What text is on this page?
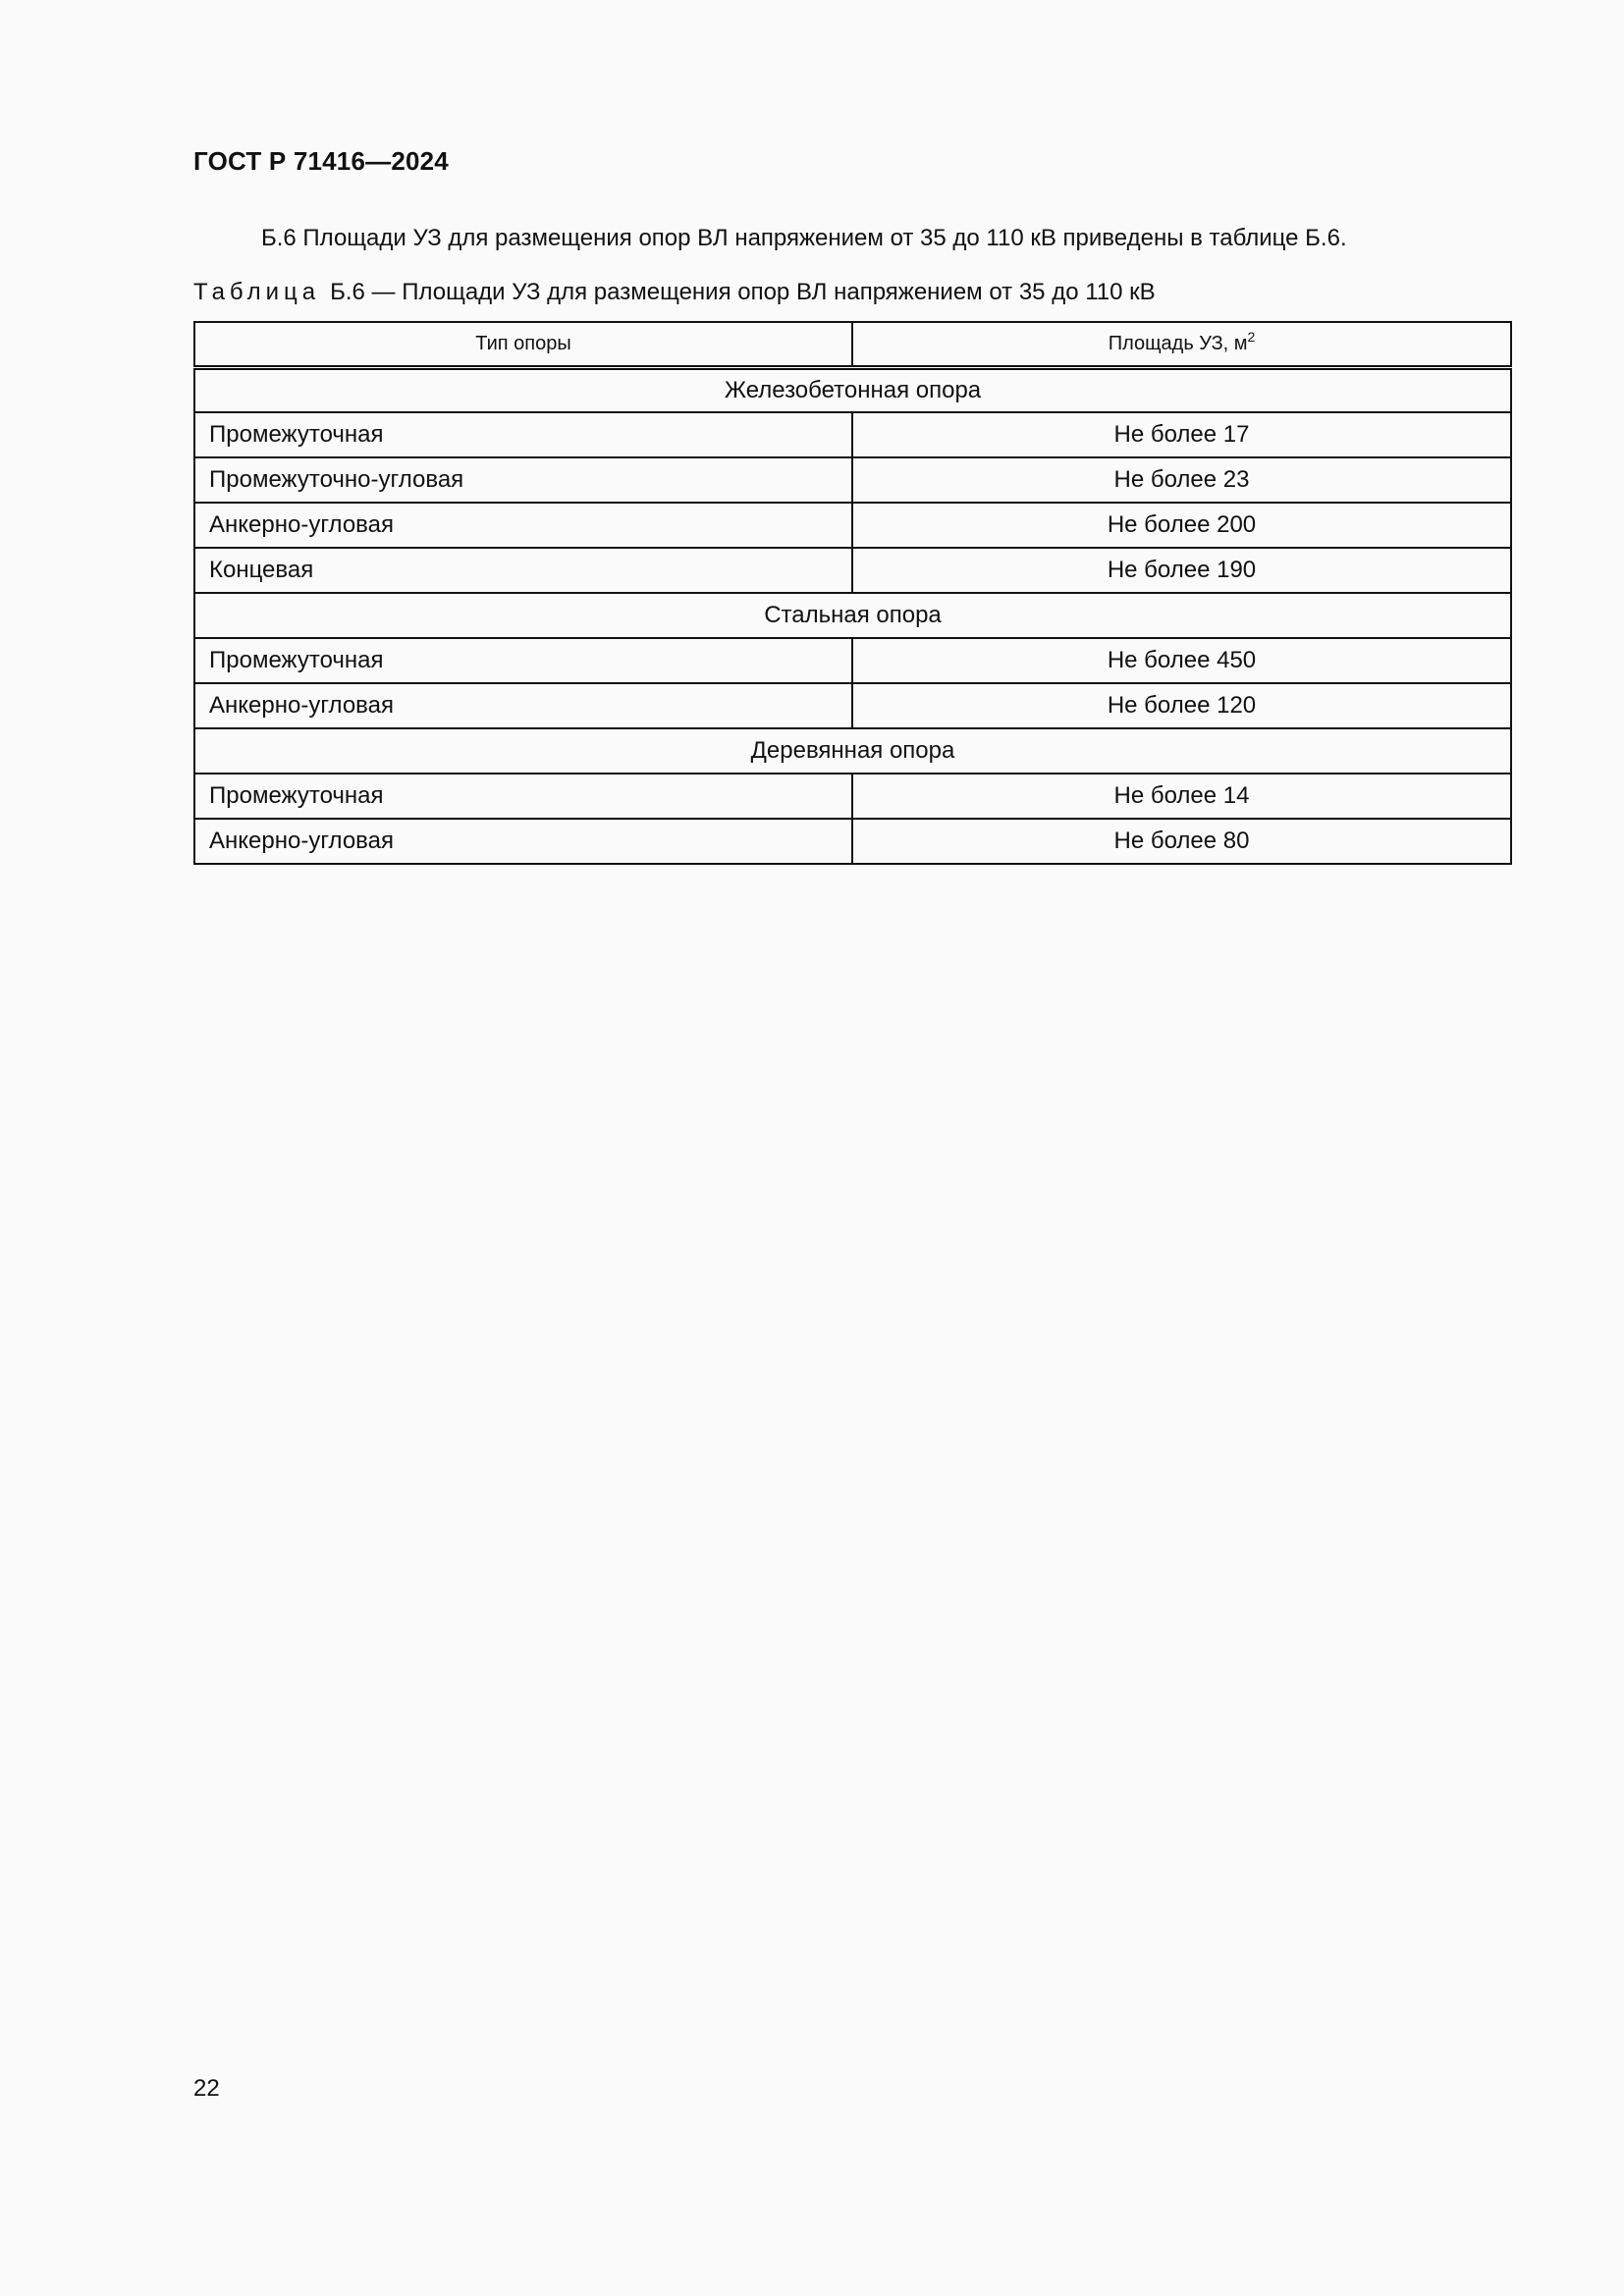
ГОСТ Р 71416—2024
Б.6 Площади УЗ для размещения опор ВЛ напряжением от 35 до 110 кВ приведены в таблице Б.6.
Таблица Б.6 — Площади УЗ для размещения опор ВЛ напряжением от 35 до 110 кВ
Тип опоры	Площадь УЗ, $м^2$
Железобетонная опора	
Промежуточная	Не более 17
Промежуточно-угловая	Не более 23
Анкерно-угловая	Не более 200
Концевая	Не более 190
Стальная опора	
Промежуточная	Не более 450
Анкерно-угловая	Не более 120
Деревянная опора	
Промежуточная	Не более 14
Анкерно-угловая	Не более 80
22
